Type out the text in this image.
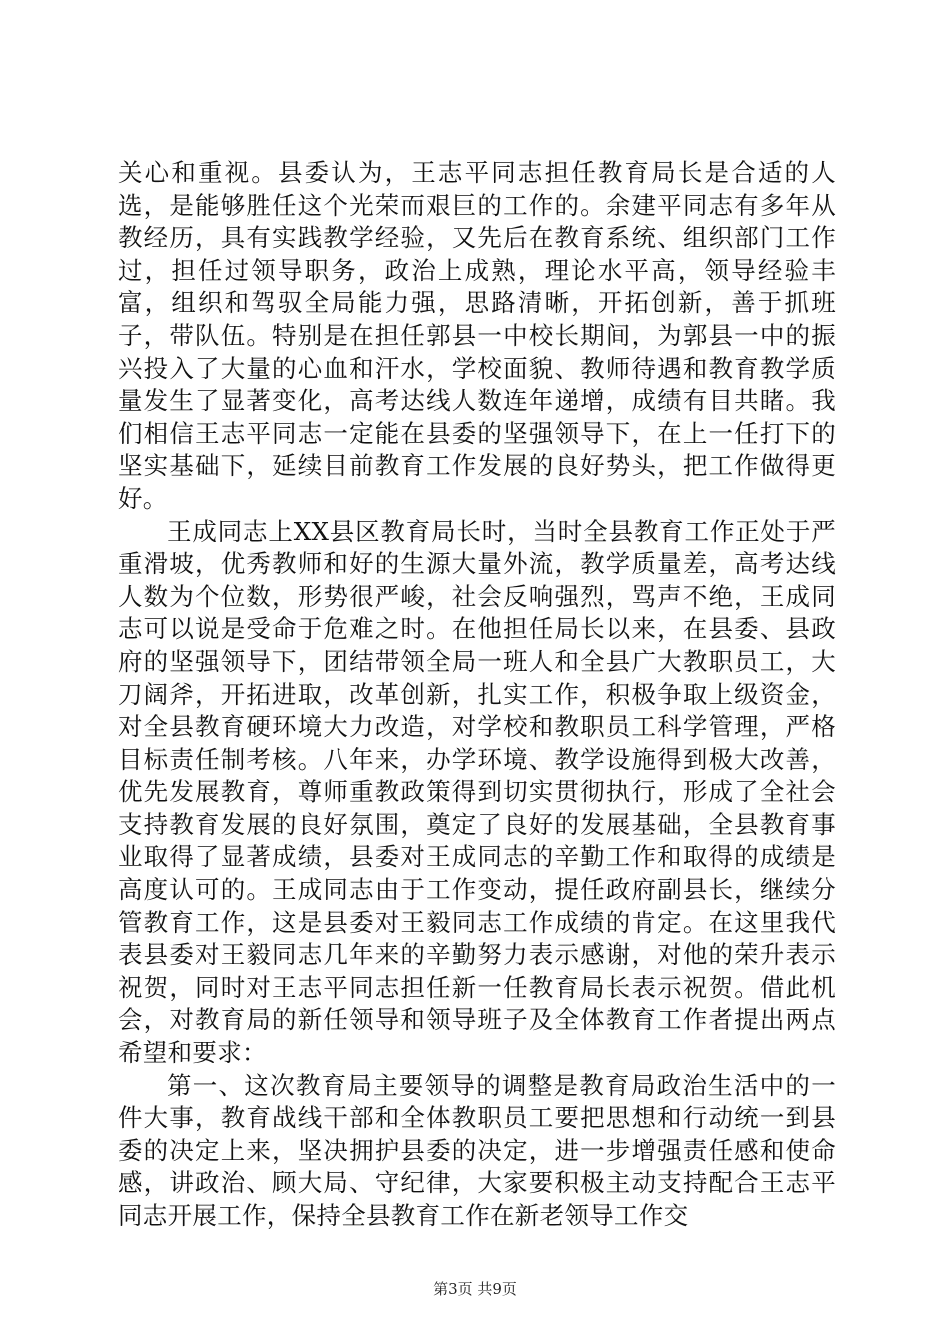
关心和重视。县委认为，王志平同志担任教育局长是合适的人选，是能够胜任这个光荣而艰巨的工作的。余建平同志有多年从教经历，具有实践教学经验，又先后在教育系统、组织部门工作过，担任过领导职务，政治上成熟，理论水平高，领导经验丰富，组织和驾驭全局能力强，思路清晰，开拓创新，善于抓班子，带队伍。特别是在担任郭县一中校长期间，为郭县一中的振兴投入了大量的心血和汗水，学校面貌、教师待遇和教育教学质量发生了显著变化，高考达线人数连年递增，成绩有目共睹。我们相信王志平同志一定能在县委的坚强领导下，在上一任打下的坚实基础下，延续目前教育工作发展的良好势头，把工作做得更好。

王成同志上XX县区教育局长时，当时全县教育工作正处于严重滑坡，优秀教师和好的生源大量外流，教学质量差，高考达线人数为个位数，形势很严峻，社会反响强烈，骂声不绝，王成同志可以说是受命于危难之时。在他担任局长以来，在县委、县政府的坚强领导下，团结带领全局一班人和全县广大教职员工，大刀阔斧，开拓进取，改革创新，扎实工作，积极争取上级资金，对全县教育硬环境大力改造，对学校和教职员工科学管理，严格目标责任制考核。八年来，办学环境、教学设施得到极大改善，优先发展教育，尊师重教政策得到切实贯彻执行，形成了全社会支持教育发展的良好氛围，奠定了良好的发展基础，全县教育事业取得了显著成绩，县委对王成同志的辛勤工作和取得的成绩是高度认可的。王成同志由于工作变动，提任政府副县长，继续分管教育工作，这是县委对王毅同志工作成绩的肯定。在这里我代表县委对王毅同志几年来的辛勤努力表示感谢，对他的荣升表示祝贺，同时对王志平同志担任新一任教育局长表示祝贺。借此机会，对教育局的新任领导和领导班子及全体教育工作者提出两点希望和要求：

第一、这次教育局主要领导的调整是教育局政治生活中的一件大事，教育战线干部和全体教职员工要把思想和行动统一到县委的决定上来，坚决拥护县委的决定，进一步增强责任感和使命感，讲政治、顾大局、守纪律，大家要积极主动支持配合王志平同志开展工作，保持全县教育工作在新老领导工作交

第3页 共9页
